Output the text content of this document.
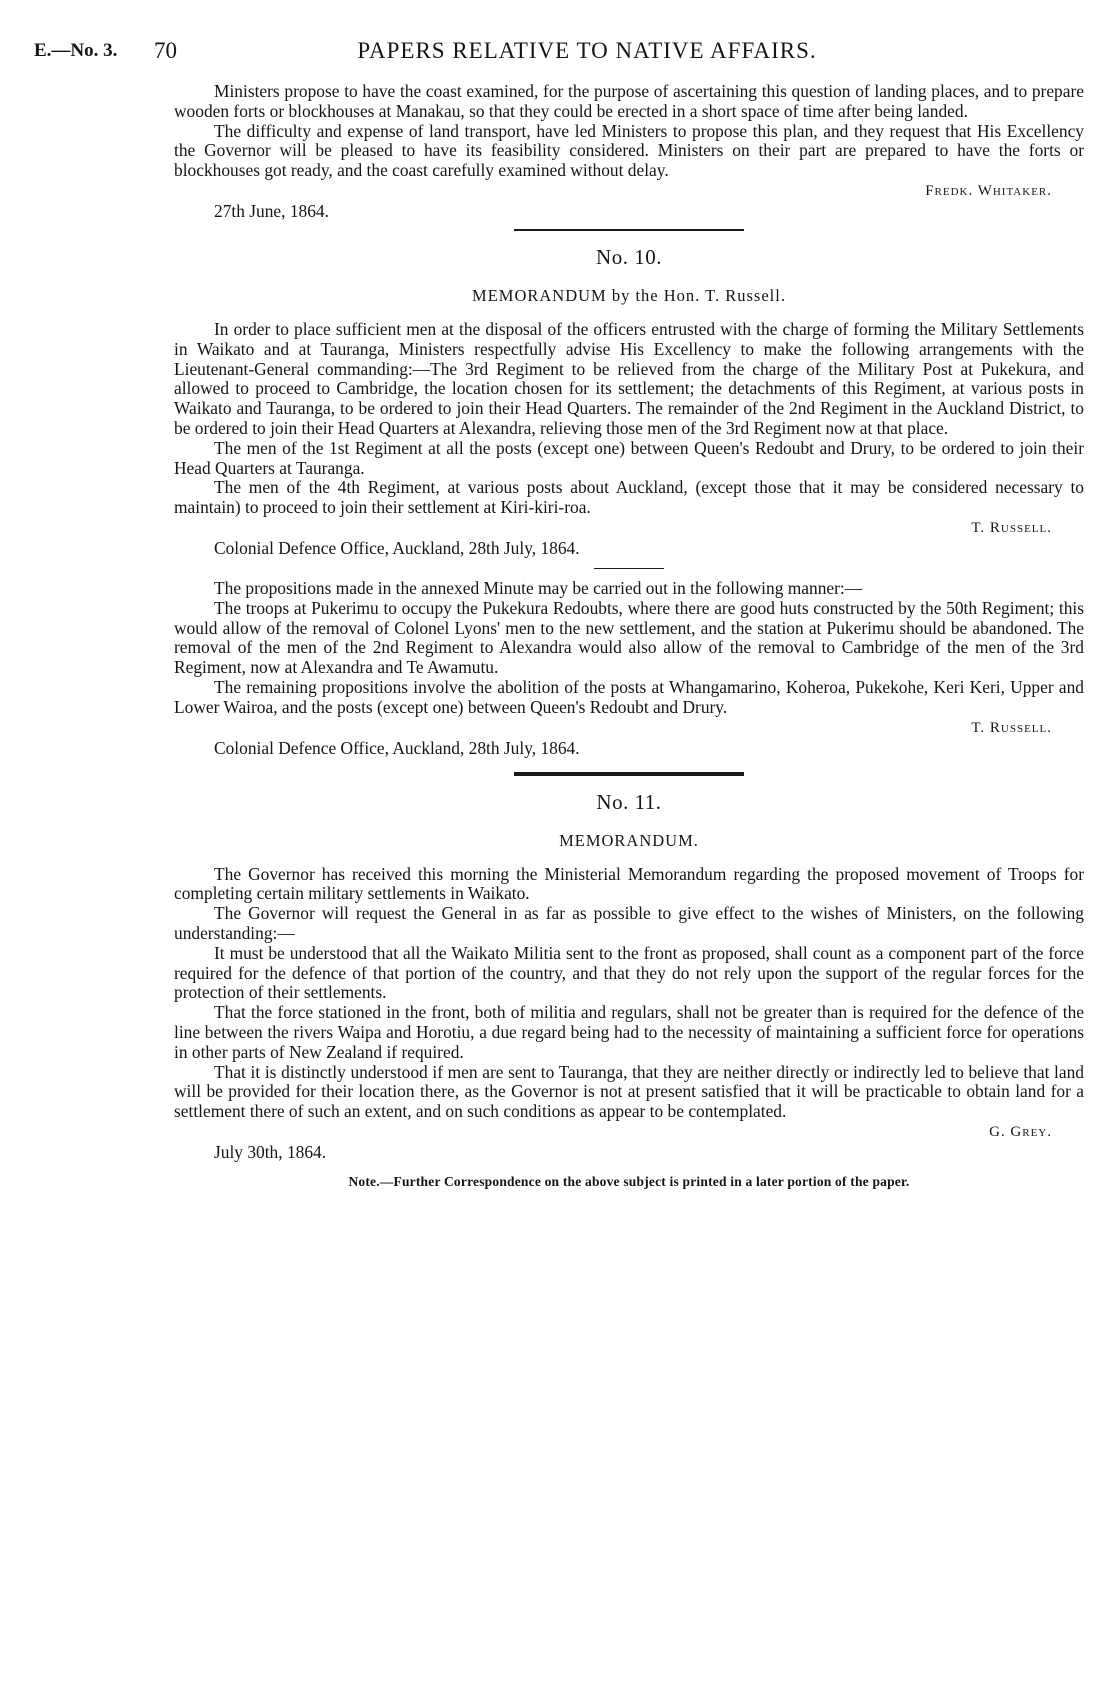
E.—No. 3. 70	PAPERS RELATIVE TO NATIVE AFFAIRS.

Ministers propose to have the coast examined, for the purpose of ascertaining this question of landing places, and to prepare wooden forts or blockhouses at Manakau, so that they could be erected in a short space of time after being landed.

The difficulty and expense of land transport, have led Ministers to propose this plan, and they request that His Excellency the Governor will be pleased to have its feasibility considered. Ministers on their part are prepared to have the forts or blockhouses got ready, and the coast carefully examined without delay.

Fredk. Whitaker.
27th June, 1864.
No. 10.
MEMORANDUM by the Hon. T. Russell.

In order to place sufficient men at the disposal of the officers entrusted with the charge of forming the Military Settlements in Waikato and at Tauranga, Ministers respectfully advise His Excellency to make the following arrangements with the Lieutenant-General commanding:—The 3rd Regiment to be relieved from the charge of the Military Post at Pukekura, and allowed to proceed to Cambridge, the location chosen for its settlement; the detachments of this Regiment, at various posts in Waikato and Tauranga, to be ordered to join their Head Quarters. The remainder of the 2nd Regiment in the Auckland District, to be ordered to join their Head Quarters at Alexandra, relieving those men of the 3rd Regiment now at that place.

The men of the 1st Regiment at all the posts (except one) between Queen's Redoubt and Drury, to be ordered to join their Head Quarters at Tauranga.

The men of the 4th Regiment, at various posts about Auckland, (except those that it may be considered necessary to maintain) to proceed to join their settlement at Kiri-kiri-roa.

T. Russell.
Colonial Defence Office, Auckland, 28th July, 1864.

The propositions made in the annexed Minute may be carried out in the following manner:—

The troops at Pukerimu to occupy the Pukekura Redoubts, where there are good huts constructed by the 50th Regiment; this would allow of the removal of Colonel Lyons' men to the new settlement, and the station at Pukerimu should be abandoned. The removal of the men of the 2nd Regiment to Alexandra would also allow of the removal to Cambridge of the men of the 3rd Regiment, now at Alexandra and Te Awamutu.

The remaining propositions involve the abolition of the posts at Whangamarino, Koheroa, Pukekohe, Keri Keri, Upper and Lower Wairoa, and the posts (except one) between Queen's Redoubt and Drury.

T. Russell.
Colonial Defence Office, Auckland, 28th July, 1864.
No. 11.
MEMORANDUM.

The Governor has received this morning the Ministerial Memorandum regarding the proposed movement of Troops for completing certain military settlements in Waikato.

The Governor will request the General in as far as possible to give effect to the wishes of Ministers, on the following understanding:—

It must be understood that all the Waikato Militia sent to the front as proposed, shall count as a component part of the force required for the defence of that portion of the country, and that they do not rely upon the support of the regular forces for the protection of their settlements.

That the force stationed in the front, both of militia and regulars, shall not be greater than is required for the defence of the line between the rivers Waipa and Horotiu, a due regard being had to the necessity of maintaining a sufficient force for operations in other parts of New Zealand if required.

That it is distinctly understood if men are sent to Tauranga, that they are neither directly or indirectly led to believe that land will be provided for their location there, as the Governor is not at present satisfied that it will be practicable to obtain land for a settlement there of such an extent, and on such conditions as appear to be contemplated.

G. Grey.
July 30th, 1864.
Note.—Further Correspondence on the above subject is printed in a later portion of the paper.
